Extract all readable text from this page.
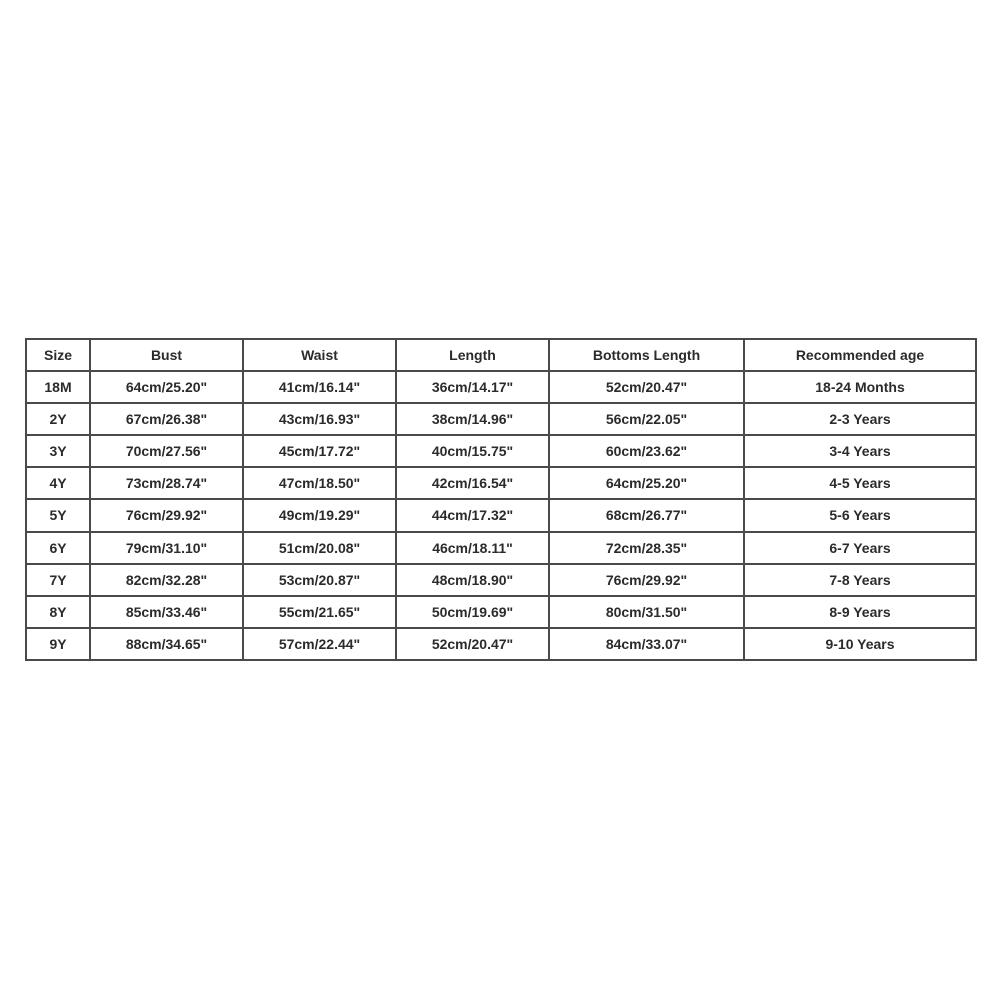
Size	Bust	Waist	Length	Bottoms Length	Recommended age
18M	64cm/25.20"	41cm/16.14"	36cm/14.17"	52cm/20.47"	18-24 Months
2Y	67cm/26.38"	43cm/16.93"	38cm/14.96"	56cm/22.05"	2-3 Years
3Y	70cm/27.56"	45cm/17.72"	40cm/15.75"	60cm/23.62"	3-4 Years
4Y	73cm/28.74"	47cm/18.50"	42cm/16.54"	64cm/25.20"	4-5 Years
5Y	76cm/29.92"	49cm/19.29"	44cm/17.32"	68cm/26.77"	5-6 Years
6Y	79cm/31.10"	51cm/20.08"	46cm/18.11"	72cm/28.35"	6-7 Years
7Y	82cm/32.28"	53cm/20.87"	48cm/18.90"	76cm/29.92"	7-8 Years
8Y	85cm/33.46"	55cm/21.65"	50cm/19.69"	80cm/31.50"	8-9 Years
9Y	88cm/34.65"	57cm/22.44"	52cm/20.47"	84cm/33.07"	9-10 Years
